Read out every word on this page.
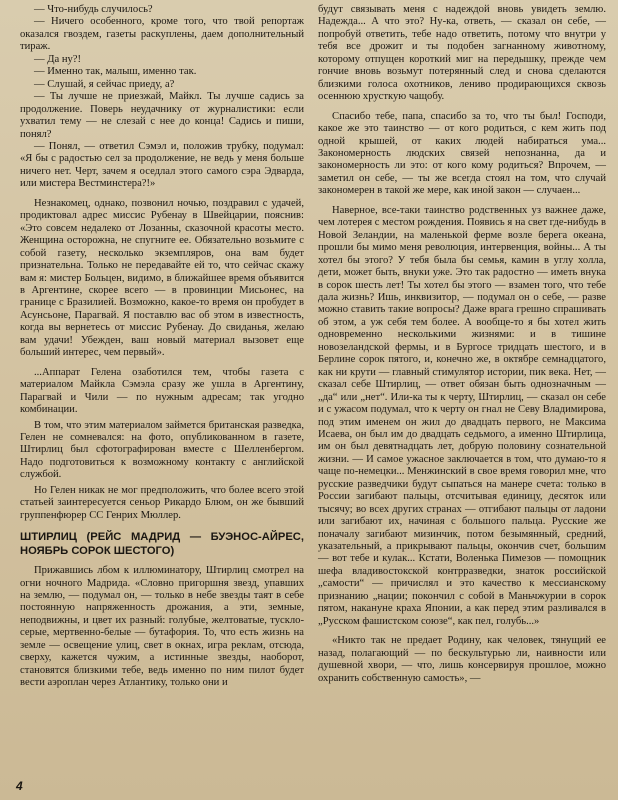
— Что-нибудь случилось?

— Ничего особенного, кроме того, что твой репортаж оказался гвоздем, газеты раскуплены, даем дополнительный тираж.

— Да ну?!

— Именно так, малыш, именно так.

— Слушай, я сейчас приеду, а?

— Ты лучше не приезжай, Майкл. Ты лучше садись за продолжение. Поверь неудачнику от журналистики: если ухватил тему — не слезай с нее до конца! Садись и пиши, понял?

— Понял, — ответил Сэмэл и, положив трубку, подумал: «Я бы с радостью сел за продолжение, не ведь у меня больше ничего нет. Черт, зачем я оседлал этого самого сэра Эдварда, или мистера Вестминстера?!»

Незнакомец, однако, позвонил ночью, поздравил с удачей, продиктовал адрес миссис Рубенау в Швейцарии, пояснив: «Это совсем недалеко от Лозанны, сказочной красоты место. Женщина осторожна, не спугните ее. Обязательно возьмите с собой газету, несколько экземпляров, она вам будет признательна. Только не передавайте ей то, что сейчас скажу вам я: мистер Больцен, видимо, в ближайшее время объявится в Аргентине, скорее всего — в провинции Мисьонес, на границе с Бразилией. Возможно, какое-то время он пробудет в Асунсьоне, Парагвай. Я поставлю вас об этом в известность, когда вы вернетесь от миссис Рубенау. До свиданья, желаю вам удачи! Убежден, ваш новый материал вызовет еще больший интерес, чем первый».

...Аппарат Гелена озаботился тем, чтобы газета с материалом Майкла Сэмэла сразу же ушла в Аргентину, Парагвай и Чили — по нужным адресам; так угодно комбинации.

В том, что этим материалом займется британская разведка, Гелен не сомневался: на фото, опубликованном в газете, Штирлиц был сфотографирован вместе с Шелленбергом. Надо подготовиться к возможному контакту с английской службой.

Но Гелен никак не мог предположить, что более всего этой статьей заинтересуется сеньор Рикардо Блюм, он же бывший группенфюрер СС Генрих Мюллер.

ШТИРЛИЦ (РЕЙС МАДРИД — БУЭНОС-АЙРЕС, НОЯБРЬ СОРОК ШЕСТОГО)

Прижавшись лбом к иллюминатору, Штирлиц смотрел на огни ночного Мадрида. «Словно пригоршня звезд, упавших на землю, — подумал он, — только в небе звезды таят в себе постоянную напряженность дрожания, а эти, земные, неподвижны, и цвет их разный: голубые, желтоватые, тускло-серые, мертвенно-белые — бутафория. То, что есть жизнь на земле — освещение улиц, свет в окнах, игра реклам, отсюда, сверху, кажется чужим, а истинные звезды, наоборот, становятся близкими тебе, ведь именно по ним пилот будет вести аэроплан через Атлантику, только они и

будут связывать меня с надеждой вновь увидеть землю. Надежда... А что это? Ну-ка, ответь, — сказал он себе, — попробуй ответить, тебе надо ответить, потому что внутри у тебя все дрожит и ты подобен загнанному животному, которому отпущен короткий миг на передышку, прежде чем гончие вновь возьмут потерянный след и снова сделаются близкими голоса охотников, лениво продирающихся сквозь осеннюю хрусткую чащобу.

Спасибо тебе, папа, спасибо за то, что ты был! Господи, какое же это таинство — от кого родиться, с кем жить под одной крышей, от каких людей набираться ума... Закономерность людских связей непознанна, да и закономерность ли это: от кого кому родиться? Впрочем, — заметил он себе, — ты же всегда стоял на том, что случай закономерен в такой же мере, как иной закон — случаен...

Наверное, все-таки таинство родственных уз важнее даже, чем лотерея с местом рождения. Появись я на свет где-нибудь в Новой Зеландии, на маленькой ферме возле берега океана, прошли бы мимо меня революция, интервенция, войны... А ты хотел бы этого? У тебя была бы семья, камин в углу холла, дети, может быть, внуки уже. Это так радостно — иметь внука в сорок шесть лет! Ты хотел бы этого — взамен того, что тебе дала жизнь? Ишь, инквизитор, — подумал он о себе, — разве можно ставить такие вопросы? Даже врага грешно спрашивать об этом, а уж себя тем более. А вообще-то я бы хотел жить одновременно несколькими жизнями: и в тишине новозеландской фермы, и в Бургосе тридцать шестого, и в Берлине сорок пятого, и, конечно же, в октябре семнадцатого, как ни крути — главный стимулятор истории, пик века. Нет, — сказал себе Штирлиц, — ответ обязан быть однозначным — „да“ или „нет“. Или-ка ты к черту, Штирлиц, — сказал он себе и с ужасом подумал, что к черту он гнал не Севу Владимирова, под этим именем он жил до двадцать первого, не Максима Исаева, он был им до двадцать седьмого, а именно Штирлица, им он был девятнадцать лет, добрую половину сознательной жизни. — И самое ужасное заключается в том, что думаю-то я чаще по-немецки... Менжинский в свое время говорил мне, что русские разведчики будут сыпаться на манере счета: только в России загибают пальцы, отсчитывая единицу, десяток или тысячу; во всех других странах — отгибают пальцы от ладони или загибают их, начиная с большого пальца. Русские же поначалу загибают мизинчик, потом безымянный, средний, указательный, а прикрывают пальцы, окончив счет, большим — вот тебе и кулак... Кстати, Воленька Пимезов — помощник шефа владивостокской контрразведки, знаток российской „самости“ — причислял и это качество к мессианскому признанию „нации; покончил с собой в Маньчжурии в сорок пятом, накануне краха Японии, а как перед этим разливался в „Русском фашистском союзе“, как пел, голубь...»

«Никто так не предает Родину, как человек, тянущий ее назад, полагающий — по бескультурью ли, наивности или душевной хвори, — что, лишь консервируя прошлое, можно охранить собственную самость», —

4
